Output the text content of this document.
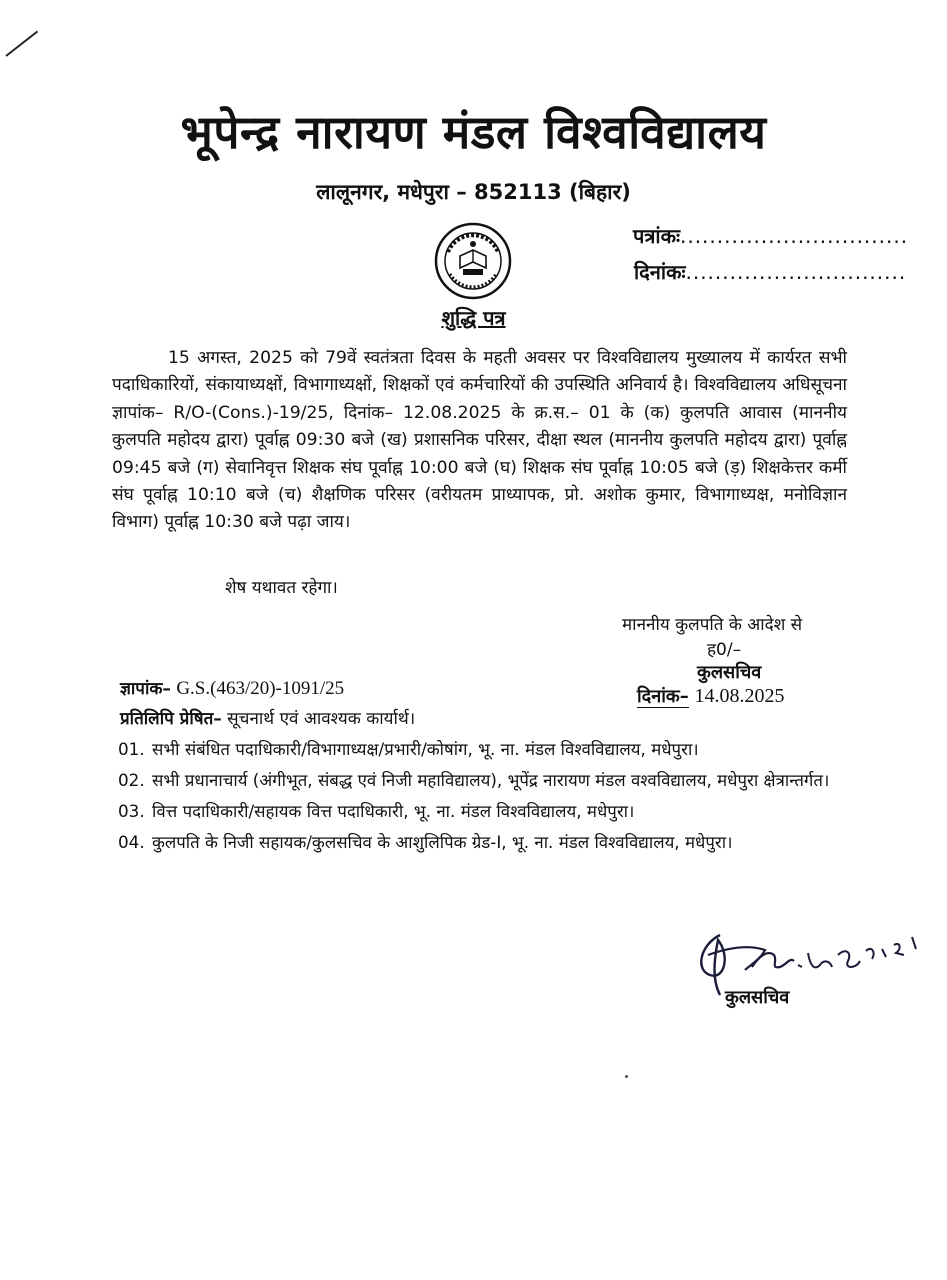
भूपेन्द्र नारायण मंडल विश्वविद्यालय
लालूनगर, मधेपुरा – 852113 (बिहार)
पत्रांकः...............................
दिनांकः..............................
शुद्धि पत्र
15 अगस्त, 2025 को 79वें स्वतंत्रता दिवस के महती अवसर पर विश्वविद्यालय मुख्यालय में कार्यरत सभी पदाधिकारियों, संकायाध्यक्षों, विभागाध्यक्षों, शिक्षकों एवं कर्मचारियों की उपस्थिति अनिवार्य है। विश्वविद्यालय अधिसूचना ज्ञापांक– R/O-(Cons.)-19/25, दिनांक– 12.08.2025 के क्र.स.– 01 के (क) कुलपति आवास (माननीय कुलपति महोदय द्वारा) पूर्वाह्न 09:30 बजे (ख) प्रशासनिक परिसर, दीक्षा स्थल (माननीय कुलपति महोदय द्वारा) पूर्वाह्न 09:45 बजे (ग) सेवानिवृत्त शिक्षक संघ पूर्वाह्न 10:00 बजे (घ) शिक्षक संघ पूर्वाह्न 10:05 बजे (ड़) शिक्षकेत्तर कर्मी संघ पूर्वाह्न 10:10 बजे (च) शैक्षणिक परिसर (वरीयतम प्राध्यापक, प्रो. अशोक कुमार, विभागाध्यक्ष, मनोविज्ञान विभाग) पूर्वाह्न 10:30 बजे पढ़ा जाय।
शेष यथावत रहेगा।
माननीय कुलपति के आदेश से
ह0/–
कुलसचिव
ज्ञापांक– G.S.(463/20)-1091/25	दिनांक– 14.08.2025
प्रतिलिपि प्रेषित– सूचनार्थ एवं आवश्यक कार्यार्थ।
01. सभी संबंधित पदाधिकारी/विभागाध्यक्ष/प्रभारी/कोषांग, भू. ना. मंडल विश्वविद्यालय, मधेपुरा।
02. सभी प्रधानाचार्य (अंगीभूत, संबद्ध एवं निजी महाविद्यालय), भूपेंद्र नारायण मंडल वश्वविद्यालय, मधेपुरा क्षेत्रान्तर्गत।
03. वित्त पदाधिकारी/सहायक वित्त पदाधिकारी, भू. ना. मंडल विश्वविद्यालय, मधेपुरा।
04. कुलपति के निजी सहायक/कुलसचिव के आशुलिपिक ग्रेड-I, भू. ना. मंडल विश्वविद्यालय, मधेपुरा।
कुलसचिव
